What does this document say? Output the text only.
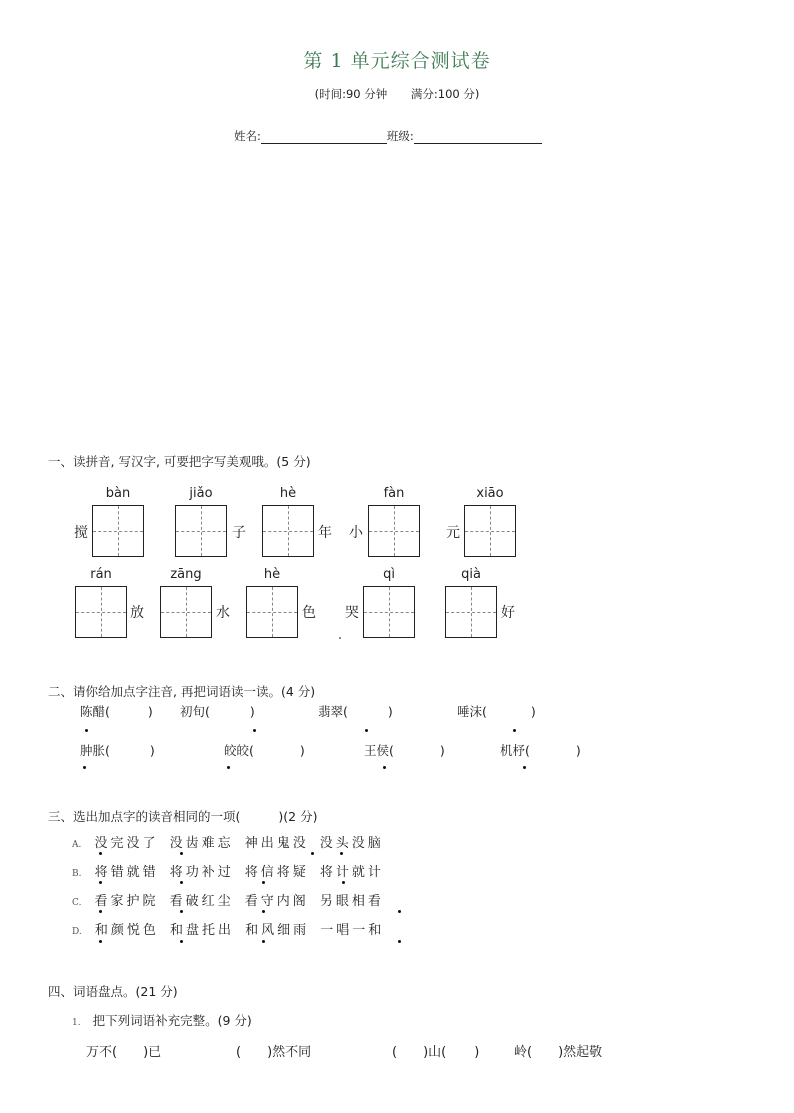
第 1 单元综合测试卷
(时间:90 分钟 满分:100 分)
姓名:	班级:
一、读拼音, 写汉字, 可要把字写美观哦。(5 分)
bàn	jiǎo	hè	fàn	xiāo
搅	子	年 小	元
rán	zāng	hè	qì	qià
放	水	色 哭	好
二、请你给加点字注音, 再把词语读一读。(4 分)
陈醋(	) 初旬(	)	翡翠(	)	唾沫(	)
肿胀(	)	皎皎(	)	王侯(	)	机杼(	)
三、选出加点字的读音相同的一项(	)(2 分)
A. 没完没了 没齿难忘 神出鬼没 没头没脑
B. 将错就错 将功补过 将信将疑 将计就计
C. 看家护院 看破红尘 看守内阁 另眼相看
D. 和颜悦色 和盘托出 和风细雨 一唱一和
四、词语盘点。(21 分)
1. 把下列词语补充完整。(9 分)
万不( )已	( )然不同	( )山( )	岭( )然起敬
